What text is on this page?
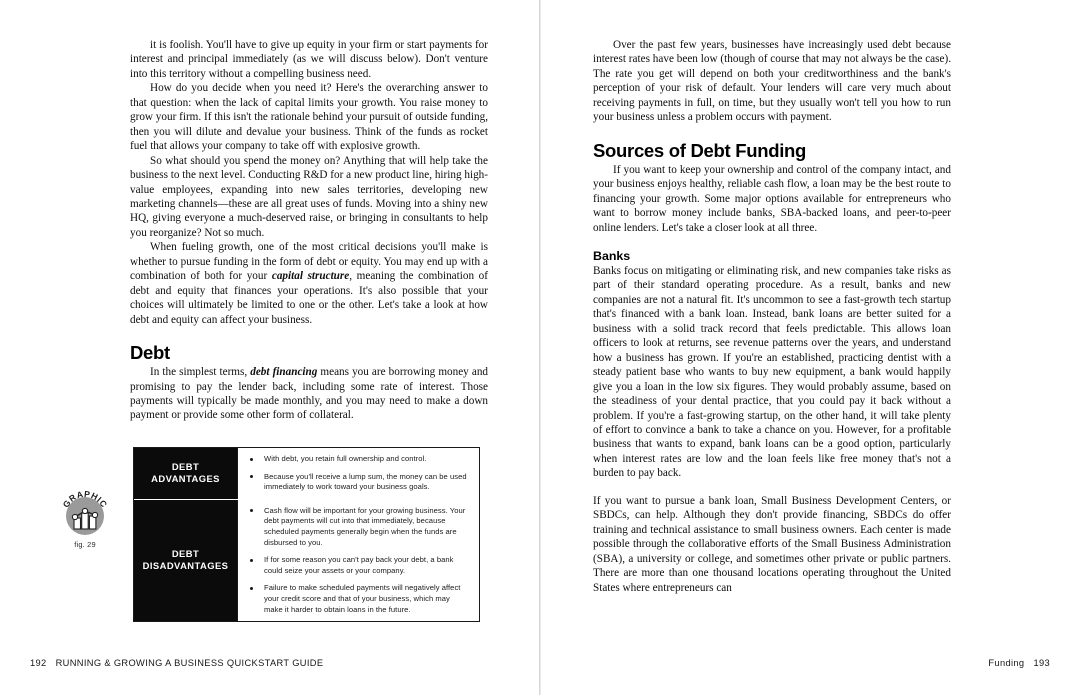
it is foolish. You'll have to give up equity in your firm or start payments for interest and principal immediately (as we will discuss below). Don't venture into this territory without a compelling business need.

How do you decide when you need it? Here's the overarching answer to that question: when the lack of capital limits your growth. You raise money to grow your firm. If this isn't the rationale behind your pursuit of outside funding, then you will dilute and devalue your business. Think of the funds as rocket fuel that allows your company to take off with explosive growth.

So what should you spend the money on? Anything that will help take the business to the next level. Conducting R&D for a new product line, hiring high-value employees, expanding into new sales territories, developing new marketing channels—these are all great uses of funds. Moving into a shiny new HQ, giving everyone a much-deserved raise, or bringing in consultants to help you reorganize? Not so much.

When fueling growth, one of the most critical decisions you'll make is whether to pursue funding in the form of debt or equity. You may end up with a combination of both for your capital structure, meaning the combination of debt and equity that finances your operations. It's also possible that your choices will ultimately be limited to one or the other. Let's take a look at how debt and equity can affect your business.

Debt

In the simplest terms, debt financing means you are borrowing money and promising to pay the lender back, including some rate of interest. Those payments will typically be made monthly, and you may need to make a down payment or provide some other form of collateral.

GRAPHIC
fig. 29
DEBT
ADVANTAGES
With debt, you retain full ownership and control.
Because you'll receive a lump sum, the money can be used immediately to work toward your business goals.
DEBT
DISADVANTAGES
Cash flow will be important for your growing business. Your debt payments will cut into that immediately, because scheduled payments generally begin when the funds are disbursed to you.
If for some reason you can't pay back your debt, a bank could seize your assets or your company.
Failure to make scheduled payments will negatively affect your credit score and that of your business, which may make it harder to obtain loans in the future.
192 RUNNING & GROWING A BUSINESS QUICKSTART GUIDE

Over the past few years, businesses have increasingly used debt because interest rates have been low (though of course that may not always be the case). The rate you get will depend on both your creditworthiness and the bank's perception of your risk of default. Your lenders will care very much about receiving payments in full, on time, but they usually won't tell you how to run your business unless a problem occurs with payment.

Sources of Debt Funding

If you want to keep your ownership and control of the company intact, and your business enjoys healthy, reliable cash flow, a loan may be the best route to financing your growth. Some major options available for entrepreneurs who want to borrow money include banks, SBA-backed loans, and peer-to-peer online lenders. Let's take a closer look at all three.

Banks

Banks focus on mitigating or eliminating risk, and new companies take risks as part of their standard operating procedure. As a result, banks and new companies are not a natural fit. It's uncommon to see a fast-growth tech startup that's financed with a bank loan. Instead, bank loans are better suited for a business with a solid track record that feels predictable. This allows loan officers to look at returns, see revenue patterns over the years, and understand how a business has grown. If you're an established, practicing dentist with a steady patient base who wants to buy new equipment, a bank would happily give you a loan in the low six figures. They would probably assume, based on the steadiness of your dental practice, that you could pay it back without a problem. If you're a fast-growing startup, on the other hand, it will take plenty of effort to convince a bank to take a chance on you. However, for a profitable business that wants to expand, bank loans can be a good option, particularly when interest rates are low and the loan feels like free money that's not a burden to pay back.

If you want to pursue a bank loan, Small Business Development Centers, or SBDCs, can help. Although they don't provide financing, SBDCs do offer training and technical assistance to small business owners. Each center is made possible through the collaborative efforts of the Small Business Administration (SBA), a university or college, and sometimes other private or public partners. There are more than one thousand locations operating throughout the United States where entrepreneurs can

Funding 193
